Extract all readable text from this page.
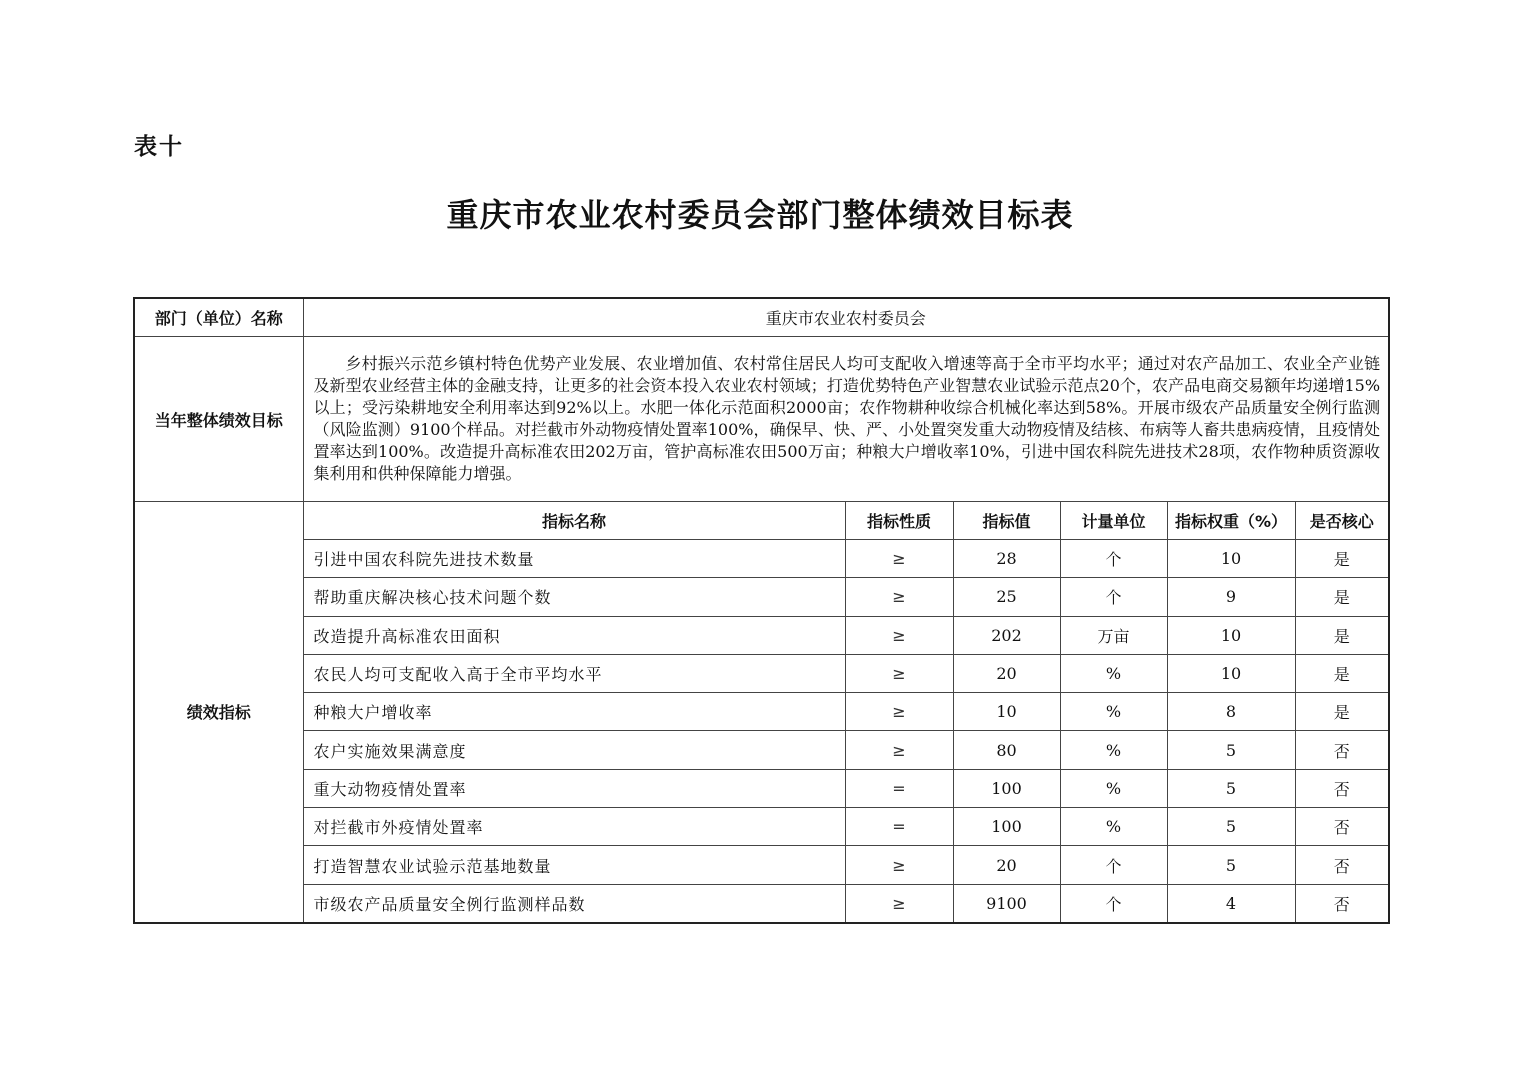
表十
重庆市农业农村委员会部门整体绩效目标表
部门（单位）名称	重庆市农业农村委员会					
当年整体绩效目标	乡村振兴示范乡镇村特色优势产业发展、农业增加值、农村常住居民人均可支配收入增速等高于全市平均水平；通过对农产品加工、农业全产业链及新型农业经营主体的金融支持，让更多的社会资本投入农业农村领域；打造优势特色产业智慧农业试验示范点20个，农产品电商交易额年均递增15%以上；受污染耕地安全利用率达到92%以上。水肥一体化示范面积2000亩；农作物耕种收综合机械化率达到58%。开展市级农产品质量安全例行监测（风险监测）9100个样品。对拦截市外动物疫情处置率100%，确保早、快、严、小处置突发重大动物疫情及结核、布病等人畜共患病疫情，且疫情处置率达到100%。改造提升高标准农田202万亩，管护高标准农田500万亩；种粮大户增收率10%，引进中国农科院先进技术28项，农作物种质资源收集利用和供种保障能力增强。					
绩效指标	指标名称	指标性质	指标值	计量单位	指标权重（%）	是否核心
	引进中国农科院先进技术数量	≥	28	个	10	是
	帮助重庆解决核心技术问题个数	≥	25	个	9	是
	改造提升高标准农田面积	≥	202	万亩	10	是
	农民人均可支配收入高于全市平均水平	≥	20	%	10	是
	种粮大户增收率	≥	10	%	8	是
	农户实施效果满意度	≥	80	%	5	否
	重大动物疫情处置率	=	100	%	5	否
	对拦截市外疫情处置率	=	100	%	5	否
	打造智慧农业试验示范基地数量	≥	20	个	5	否
	市级农产品质量安全例行监测样品数	≥	9100	个	4	否
